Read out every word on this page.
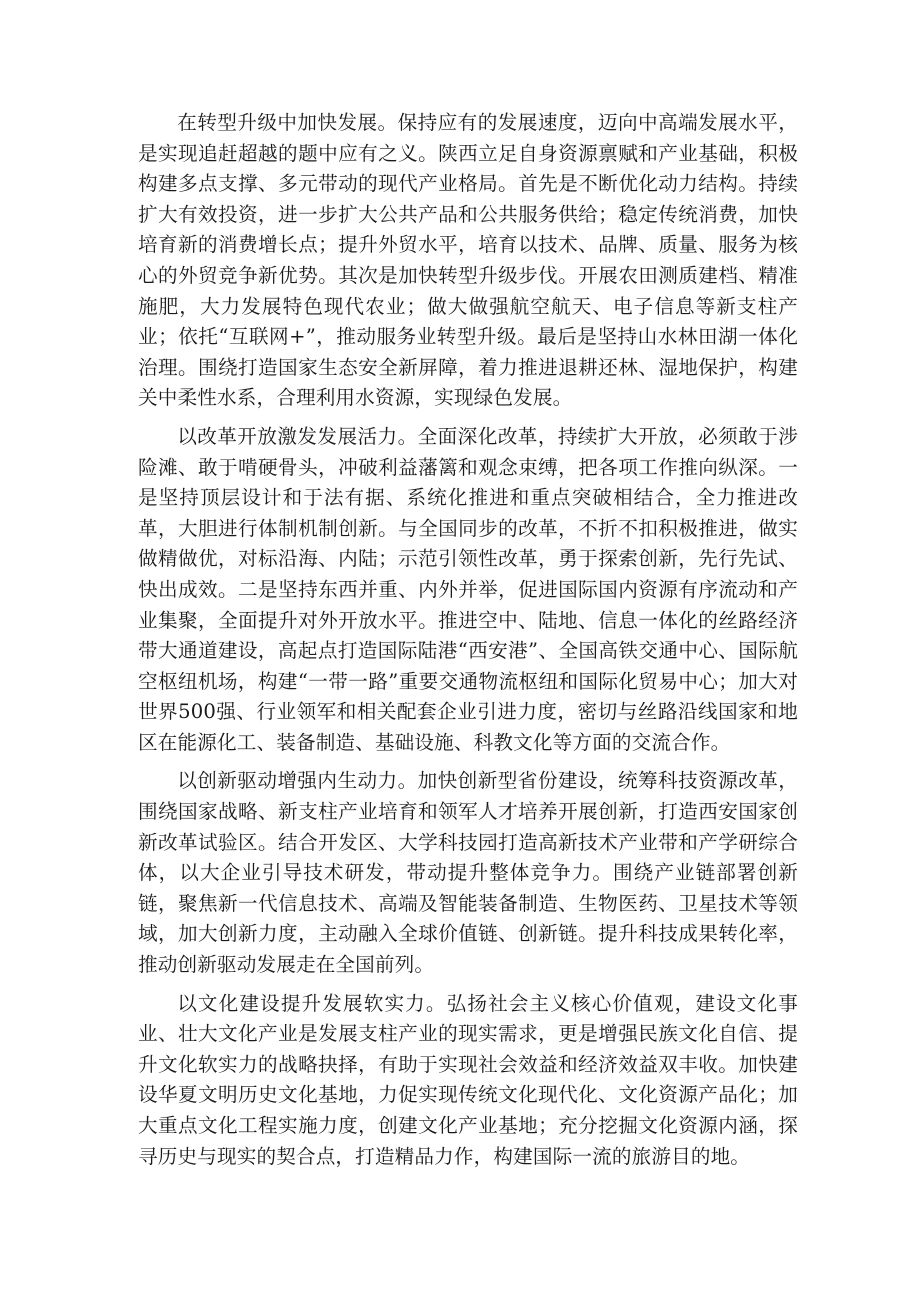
在转型升级中加快发展。保持应有的发展速度，迈向中高端发展水平，是实现追赶超越的题中应有之义。陕西立足自身资源禀赋和产业基础，积极构建多点支撑、多元带动的现代产业格局。首先是不断优化动力结构。持续扩大有效投资，进一步扩大公共产品和公共服务供给；稳定传统消费，加快培育新的消费增长点；提升外贸水平，培育以技术、品牌、质量、服务为核心的外贸竞争新优势。其次是加快转型升级步伐。开展农田测质建档、精准施肥，大力发展特色现代农业；做大做强航空航天、电子信息等新支柱产业；依托“互联网+”，推动服务业转型升级。最后是坚持山水林田湖一体化治理。围绕打造国家生态安全新屏障，着力推进退耕还林、湿地保护，构建关中柔性水系，合理利用水资源，实现绿色发展。

以改革开放激发发展活力。全面深化改革，持续扩大开放，必须敢于涉险滩、敢于啃硬骨头，冲破利益藩篱和观念束缚，把各项工作推向纵深。一是坚持顶层设计和于法有据、系统化推进和重点突破相结合，全力推进改革，大胆进行体制机制创新。与全国同步的改革，不折不扣积极推进，做实做精做优，对标沿海、内陆；示范引领性改革，勇于探索创新，先行先试、快出成效。二是坚持东西并重、内外并举，促进国际国内资源有序流动和产业集聚，全面提升对外开放水平。推进空中、陆地、信息一体化的丝路经济带大通道建设，高起点打造国际陆港“西安港”、全国高铁交通中心、国际航空枢纽机场，构建“一带一路”重要交通物流枢纽和国际化贸易中心；加大对世界500强、行业领军和相关配套企业引进力度，密切与丝路沿线国家和地区在能源化工、装备制造、基础设施、科教文化等方面的交流合作。

以创新驱动增强内生动力。加快创新型省份建设，统筹科技资源改革，围绕国家战略、新支柱产业培育和领军人才培养开展创新，打造西安国家创新改革试验区。结合开发区、大学科技园打造高新技术产业带和产学研综合体，以大企业引导技术研发，带动提升整体竞争力。围绕产业链部署创新链，聚焦新一代信息技术、高端及智能装备制造、生物医药、卫星技术等领域，加大创新力度，主动融入全球价值链、创新链。提升科技成果转化率，推动创新驱动发展走在全国前列。

以文化建设提升发展软实力。弘扬社会主义核心价值观，建设文化事业、壮大文化产业是发展支柱产业的现实需求，更是增强民族文化自信、提升文化软实力的战略抉择，有助于实现社会效益和经济效益双丰收。加快建设华夏文明历史文化基地，力促实现传统文化现代化、文化资源产品化；加大重点文化工程实施力度，创建文化产业基地；充分挖掘文化资源内涵，探寻历史与现实的契合点，打造精品力作，构建国际一流的旅游目的地。
